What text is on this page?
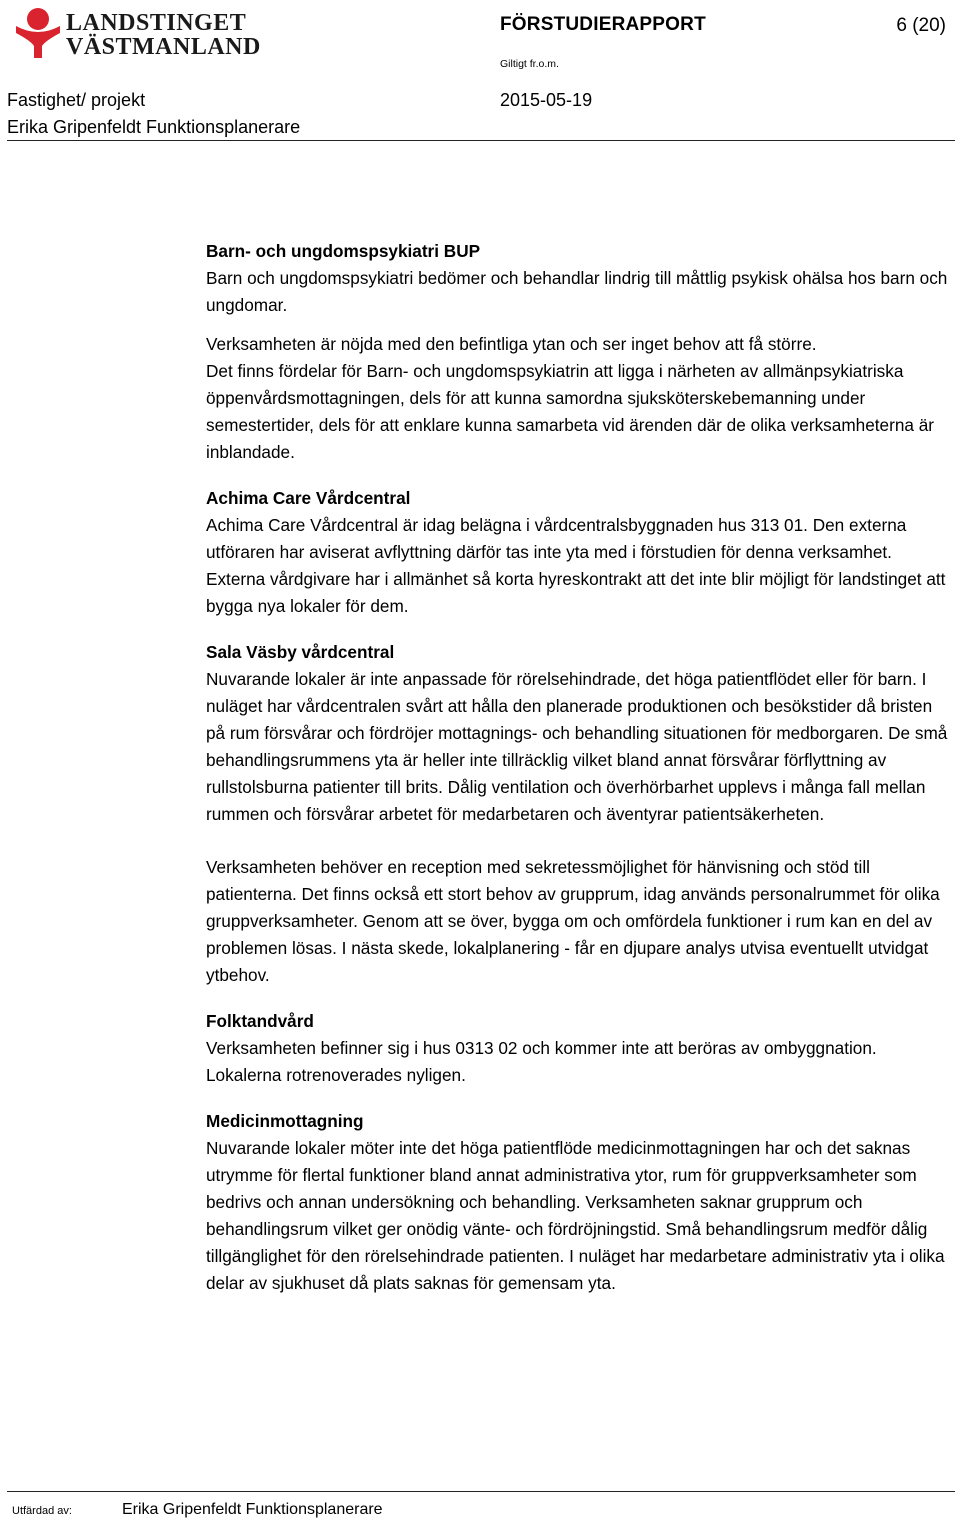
LANDSTINGET
VÄSTMANLAND
FÖRSTUDIERAPPORT	6 (20)
Giltigt fr.o.m.
Fastighet/ projekt	2015-05-19
Erika Gripenfeldt Funktionsplanerare
Barn- och ungdomspsykiatri BUP

Barn och ungdomspsykiatri bedömer och behandlar lindrig till måttlig psykisk ohälsa hos barn och ungdomar.

Verksamheten är nöjda med den befintliga ytan och ser inget behov att få större.

Det finns fördelar för Barn- och ungdomspsykiatrin att ligga i närheten av allmänpsykiatriska öppenvårdsmottagningen, dels för att kunna samordna sjuksköterskebemanning under semestertider, dels för att enklare kunna samarbeta vid ärenden där de olika verksamheterna är inblandade.

Achima Care Vårdcentral

Achima Care Vårdcentral är idag belägna i vårdcentralsbyggnaden hus 313 01. Den externa utföraren har aviserat avflyttning därför tas inte yta med i förstudien för denna verksamhet. Externa vårdgivare har i allmänhet så korta hyreskontrakt att det inte blir möjligt för landstinget att bygga nya lokaler för dem.

Sala Väsby vårdcentral

Nuvarande lokaler är inte anpassade för rörelsehindrade, det höga patientflödet eller för barn. I nuläget har vårdcentralen svårt att hålla den planerade produktionen och besökstider då bristen på rum försvårar och fördröjer mottagnings- och behandling situationen för medborgaren. De små behandlingsrummens yta är heller inte tillräcklig vilket bland annat försvårar förflyttning av rullstolsburna patienter till brits. Dålig ventilation och överhörbarhet upplevs i många fall mellan rummen och försvårar arbetet för medarbetaren och äventyrar patientsäkerheten.

Verksamheten behöver en reception med sekretessmöjlighet för hänvisning och stöd till patienterna. Det finns också ett stort behov av grupprum, idag används personalrummet för olika gruppverksamheter. Genom att se över, bygga om och omfördela funktioner i rum kan en del av problemen lösas. I nästa skede, lokalplanering - får en djupare analys utvisa eventuellt utvidgat ytbehov.

Folktandvård

Verksamheten befinner sig i hus 0313 02 och kommer inte att beröras av ombyggnation. Lokalerna rotrenoverades nyligen.

Medicinmottagning

Nuvarande lokaler möter inte det höga patientflöde medicinmottagningen har och det saknas utrymme för flertal funktioner bland annat administrativa ytor, rum för gruppverksamheter som bedrivs och annan undersökning och behandling. Verksamheten saknar grupprum och behandlingsrum vilket ger onödig vänte- och fördröjningstid. Små behandlingsrum medför dålig tillgänglighet för den rörelsehindrade patienten. I nuläget har medarbetare administrativ yta i olika delar av sjukhuset då plats saknas för gemensam yta.

Utfärdad av:	Erika Gripenfeldt Funktionsplanerare
